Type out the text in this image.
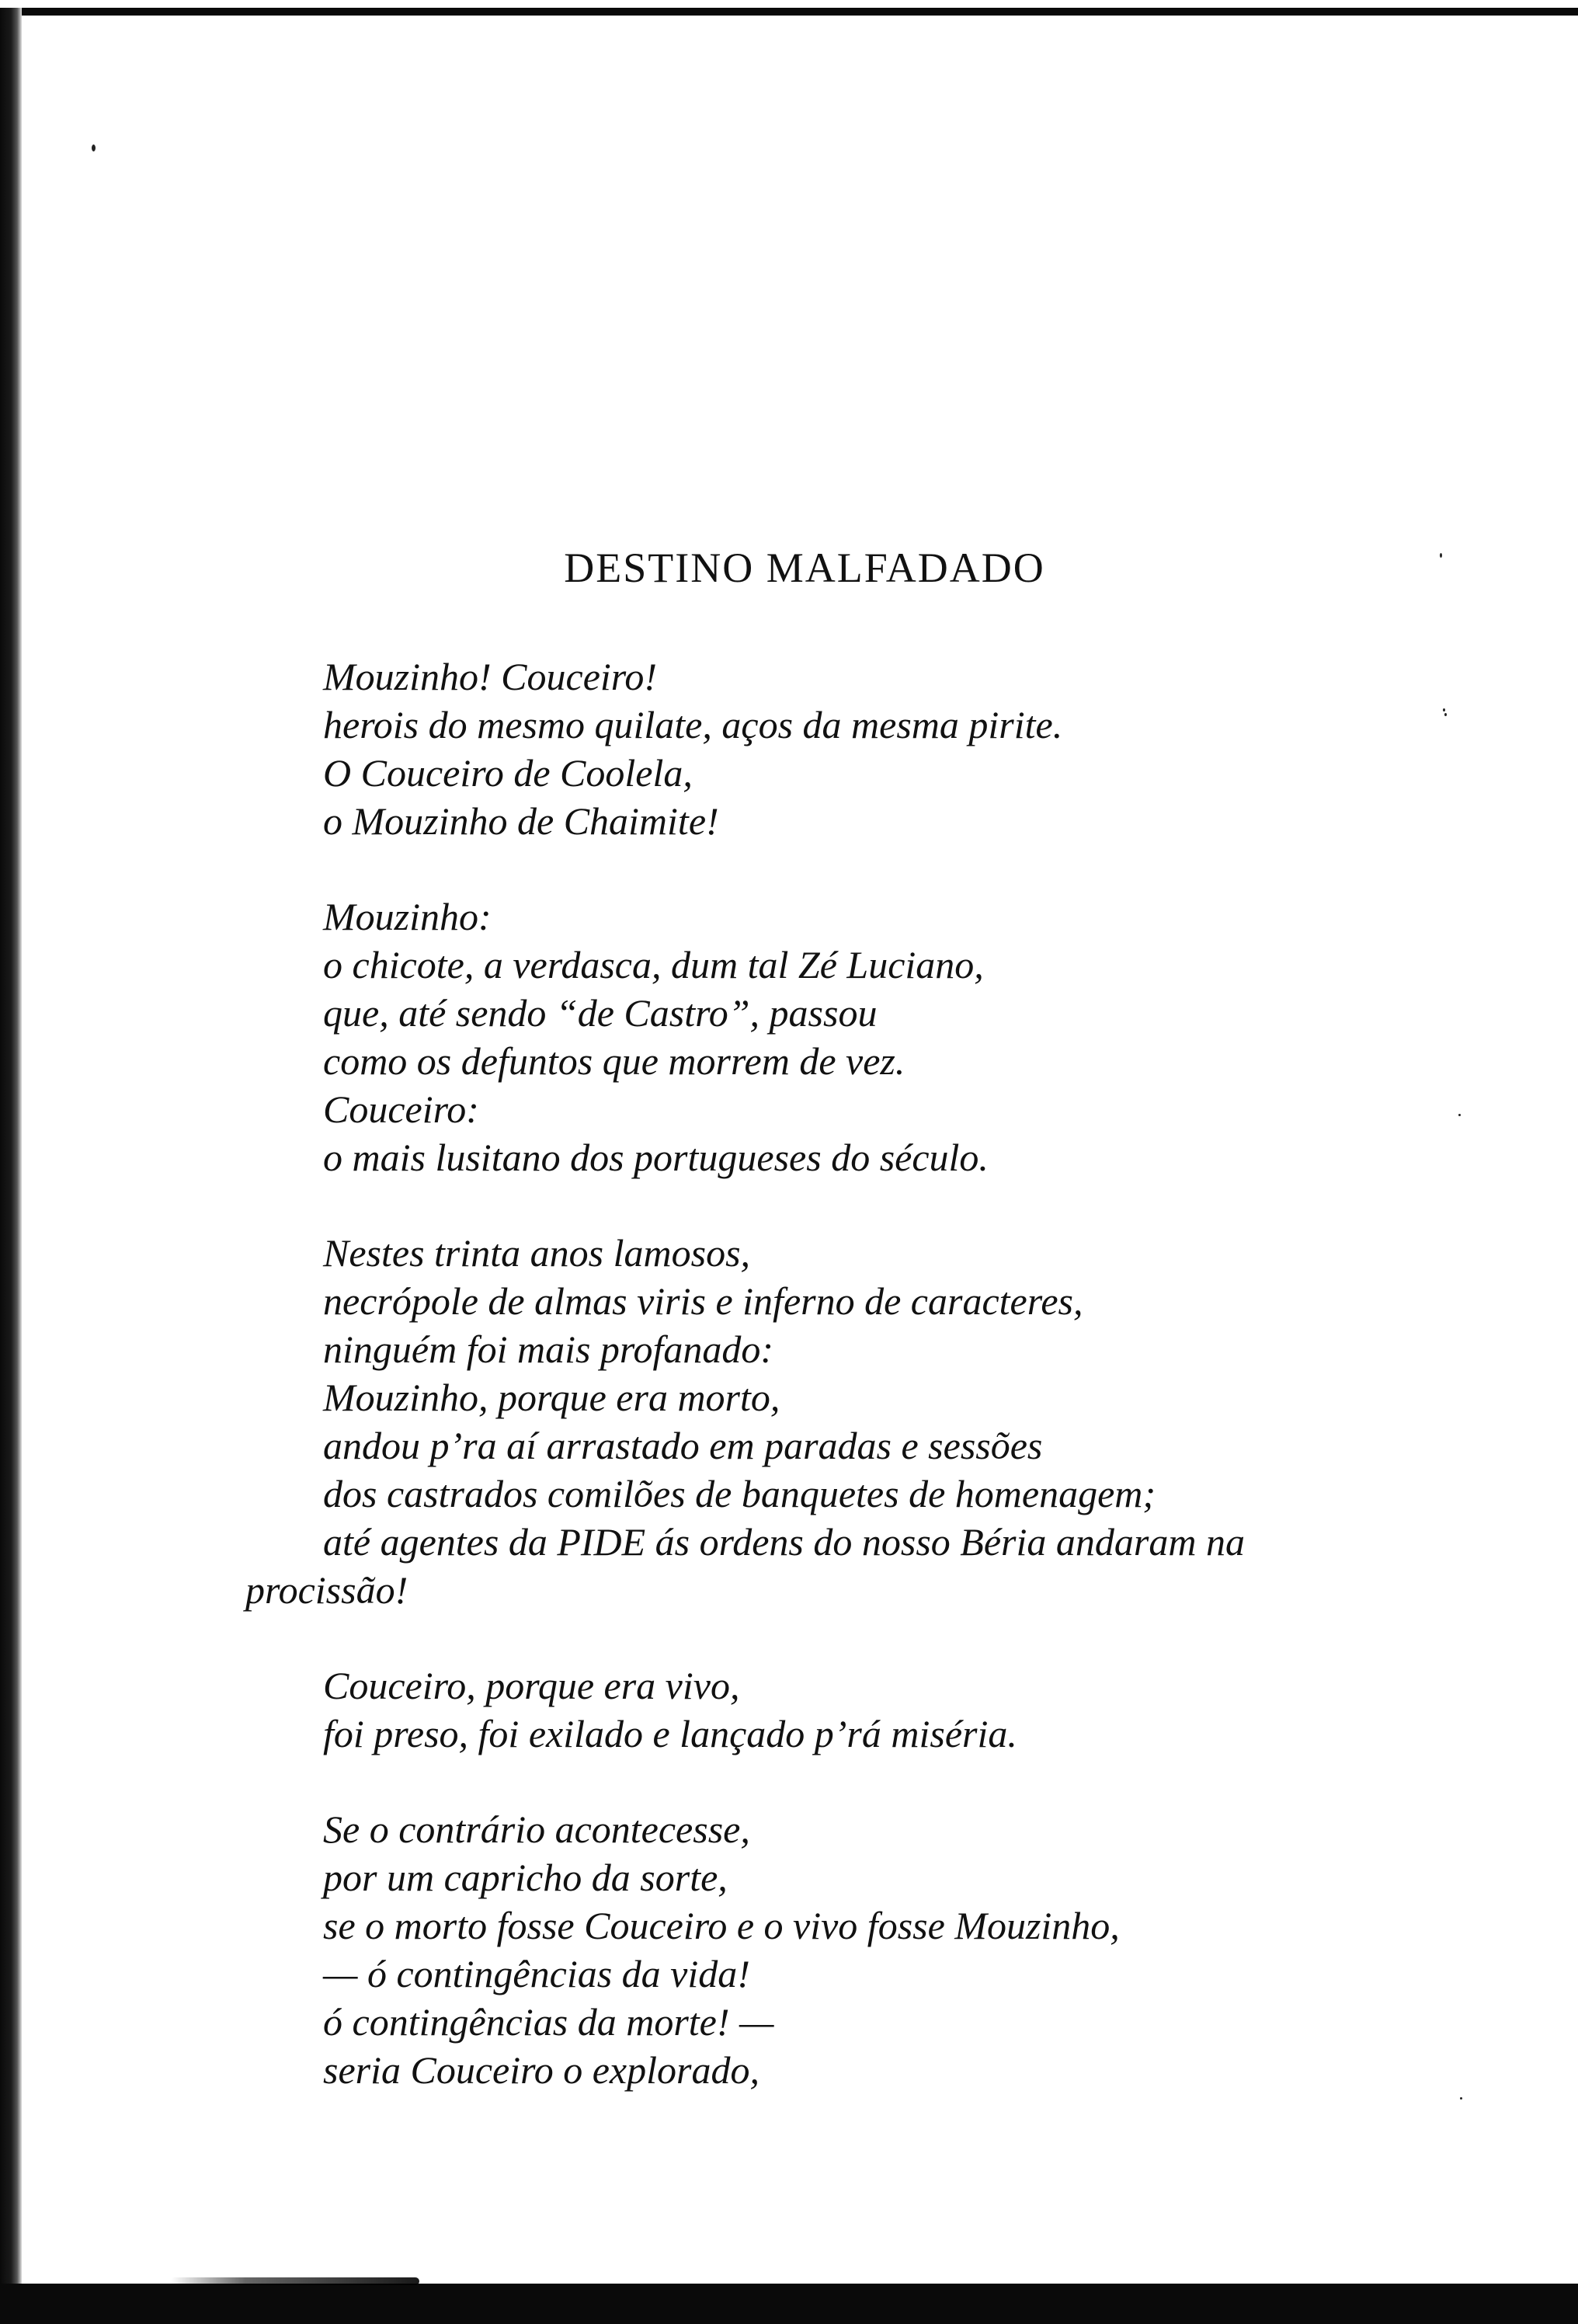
DESTINO MALFADADO
Mouzinho! Couceiro!
herois do mesmo quilate, aços da mesma pirite.
O Couceiro de Coolela,
o Mouzinho de Chaimite!
Mouzinho:
o chicote, a verdasca, dum tal Zé Luciano,
que, até sendo “de Castro”, passou
como os defuntos que morrem de vez.
Couceiro:
o mais lusitano dos portugueses do século.
Nestes trinta anos lamosos,
necrópole de almas viris e inferno de caracteres,
ninguém foi mais profanado:
Mouzinho, porque era morto,
andou p’ra aí arrastado em paradas e sessões
dos castrados comilões de banquetes de homenagem;
até agentes da PIDE ás ordens do nosso Béria andaram na
procissão!
Couceiro, porque era vivo,
foi preso, foi exilado e lançado p’rá miséria.
Se o contrário acontecesse,
por um capricho da sorte,
se o morto fosse Couceiro e o vivo fosse Mouzinho,
— ó contingências da vida!
ó contingências da morte! —
seria Couceiro o explorado,
